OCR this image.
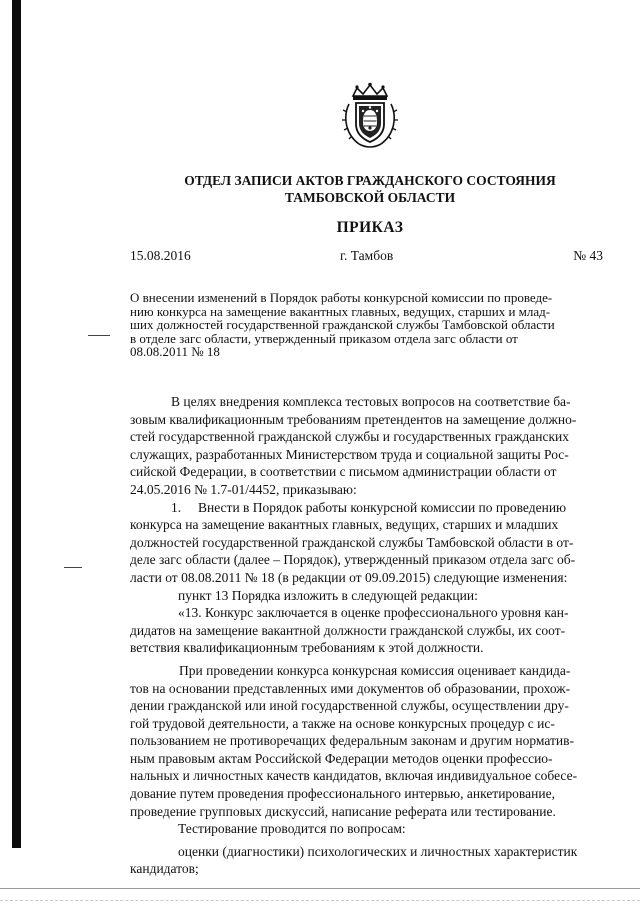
ОТДЕЛ ЗАПИСИ АКТОВ ГРАЖДАНСКОГО СОСТОЯНИЯ
ТАМБОВСКОЙ ОБЛАСТИ
ПРИКАЗ
15.08.2016	г. Тамбов	№ 43
О внесении изменений в Порядок работы конкурсной комиссии по проведе-
нию конкурса на замещение вакантных главных, ведущих, старших и млад-
ших должностей государственной гражданской службы Тамбовской области
в отделе загс области, утвержденный приказом отдела загс области от
08.08.2011 № 18
В целях внедрения комплекса тестовых вопросов на соответствие ба-
зовым квалификационным требованиям претендентов на замещение должно-
стей государственной гражданской службы и государственных гражданских
служащих, разработанных Министерством труда и социальной защиты Рос-
сийской Федерации, в соответствии с письмом администрации области от
24.05.2016 № 1.7-01/4452, приказываю:
1.     Внести в Порядок работы конкурсной комиссии по проведению
конкурса на замещение вакантных главных, ведущих, старших и младших
должностей государственной гражданской службы Тамбовской области в от-
деле загс области (далее – Порядок), утвержденный приказом отдела загс об-
ласти от 08.08.2011 № 18 (в редакции от 09.09.2015) следующие изменения:
пункт 13 Порядка изложить в следующей редакции:
«13. Конкурс заключается в оценке профессионального уровня кан-
дидатов на замещение вакантной должности гражданской службы, их соот-
ветствия квалификационным требованиям к этой должности.
При проведении конкурса конкурсная комиссия оценивает кандида-
тов на основании представленных ими документов об образовании, прохож-
дении гражданской или иной государственной службы, осуществлении дру-
гой трудовой деятельности, а также на основе конкурсных процедур с ис-
пользованием не противоречащих федеральным законам и другим норматив-
ным правовым актам Российской Федерации методов оценки профессио-
нальных и личностных качеств кандидатов, включая индивидуальное собесе-
дование путем проведения профессионального интервью, анкетирование,
проведение групповых дискуссий, написание реферата или тестирование.
Тестирование проводится по вопросам:
оценки (диагностики) психологических и личностных характеристик
кандидатов;
